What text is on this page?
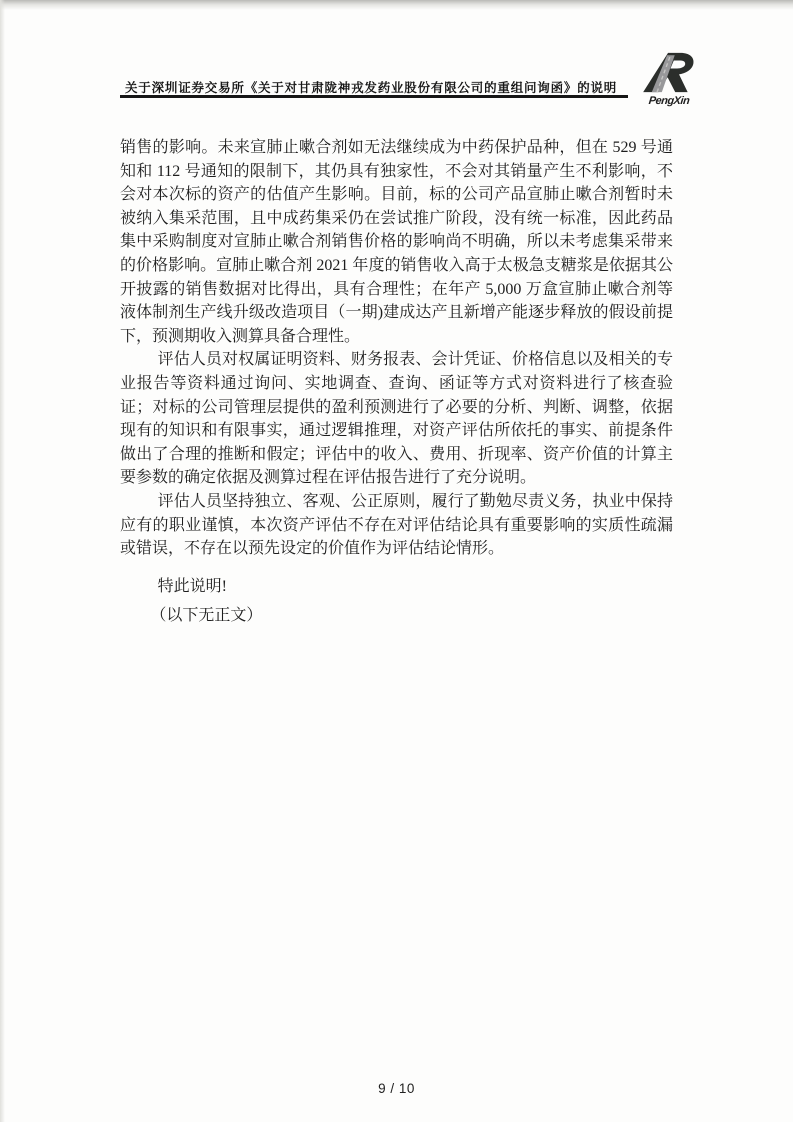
关于深圳证券交易所《关于对甘肃陇神戎发药业股份有限公司的重组问询函》的说明
PengXin

销售的影响。未来宣肺止嗽合剂如无法继续成为中药保护品种，但在 529 号通知和 112 号通知的限制下，其仍具有独家性，不会对其销量产生不利影响，不会对本次标的资产的估值产生影响。目前，标的公司产品宣肺止嗽合剂暂时未被纳入集采范围，且中成药集采仍在尝试推广阶段，没有统一标准，因此药品集中采购制度对宣肺止嗽合剂销售价格的影响尚不明确，所以未考虑集采带来的价格影响。宣肺止嗽合剂 2021 年度的销售收入高于太极急支糖浆是依据其公开披露的销售数据对比得出，具有合理性；在年产 5,000 万盒宣肺止嗽合剂等液体制剂生产线升级改造项目（一期)建成达产且新增产能逐步释放的假设前提下，预测期收入测算具备合理性。

评估人员对权属证明资料、财务报表、会计凭证、价格信息以及相关的专业报告等资料通过询问、实地调查、查询、函证等方式对资料进行了核查验证；对标的公司管理层提供的盈利预测进行了必要的分析、判断、调整，依据现有的知识和有限事实，通过逻辑推理，对资产评估所依托的事实、前提条件做出了合理的推断和假定；评估中的收入、费用、折现率、资产价值的计算主要参数的确定依据及测算过程在评估报告进行了充分说明。

评估人员坚持独立、客观、公正原则，履行了勤勉尽责义务，执业中保持应有的职业谨慎，本次资产评估不存在对评估结论具有重要影响的实质性疏漏或错误，不存在以预先设定的价值作为评估结论情形。

特此说明!

（以下无正文）

9 / 10
